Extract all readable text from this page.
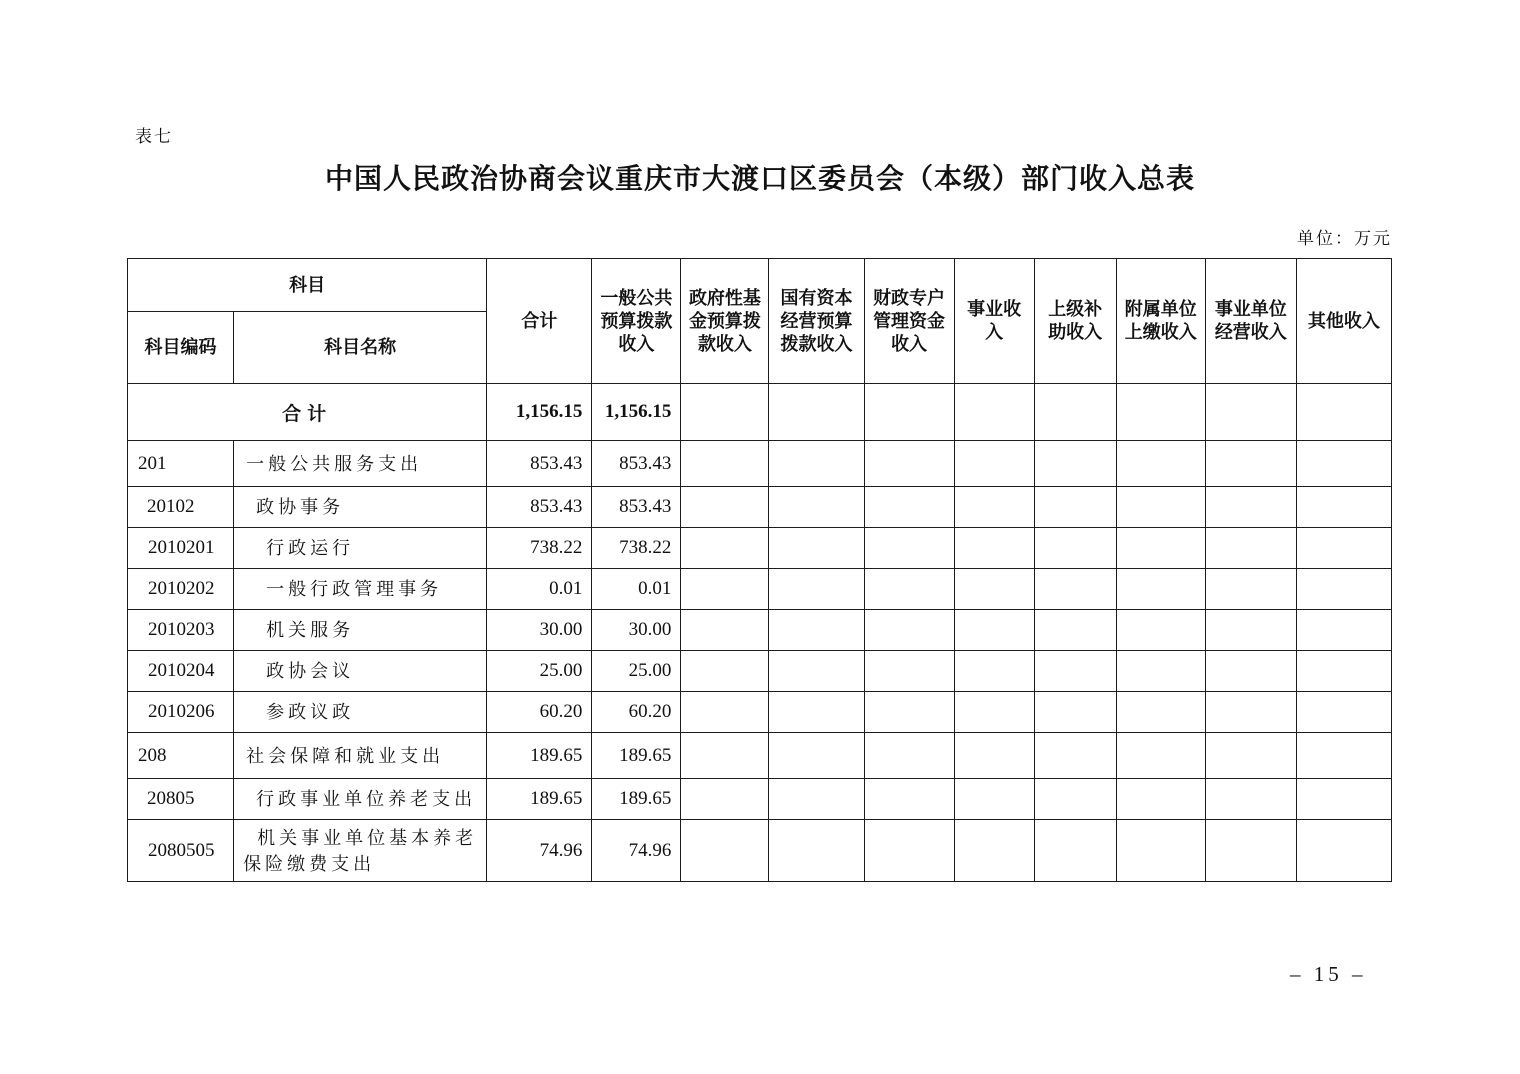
表七
中国人民政治协商会议重庆市大渡口区委员会（本级）部门收入总表
单位：万元
科目		合计	一般公共预算拨款收入	政府性基金预算拨款收入	国有资本经营预算拨款收入	财政专户管理资金收入	事业收入	上级补助收入	附属单位上缴收入	事业单位经营收入	其他收入
科目编码	科目名称										
合计		1,156.15	1,156.15								
201	一般公共服务支出	853.43	853.43								
20102	政协事务	853.43	853.43								
2010201	行政运行	738.22	738.22								
2010202	一般行政管理事务	0.01	0.01								
2010203	机关服务	30.00	30.00								
2010204	政协会议	25.00	25.00								
2010206	参政议政	60.20	60.20								
208	社会保障和就业支出	189.65	189.65								
20805	行政事业单位养老支出	189.65	189.65								
2080505	机关事业单位基本养老保险缴费支出	74.96	74.96								
– 15 –
